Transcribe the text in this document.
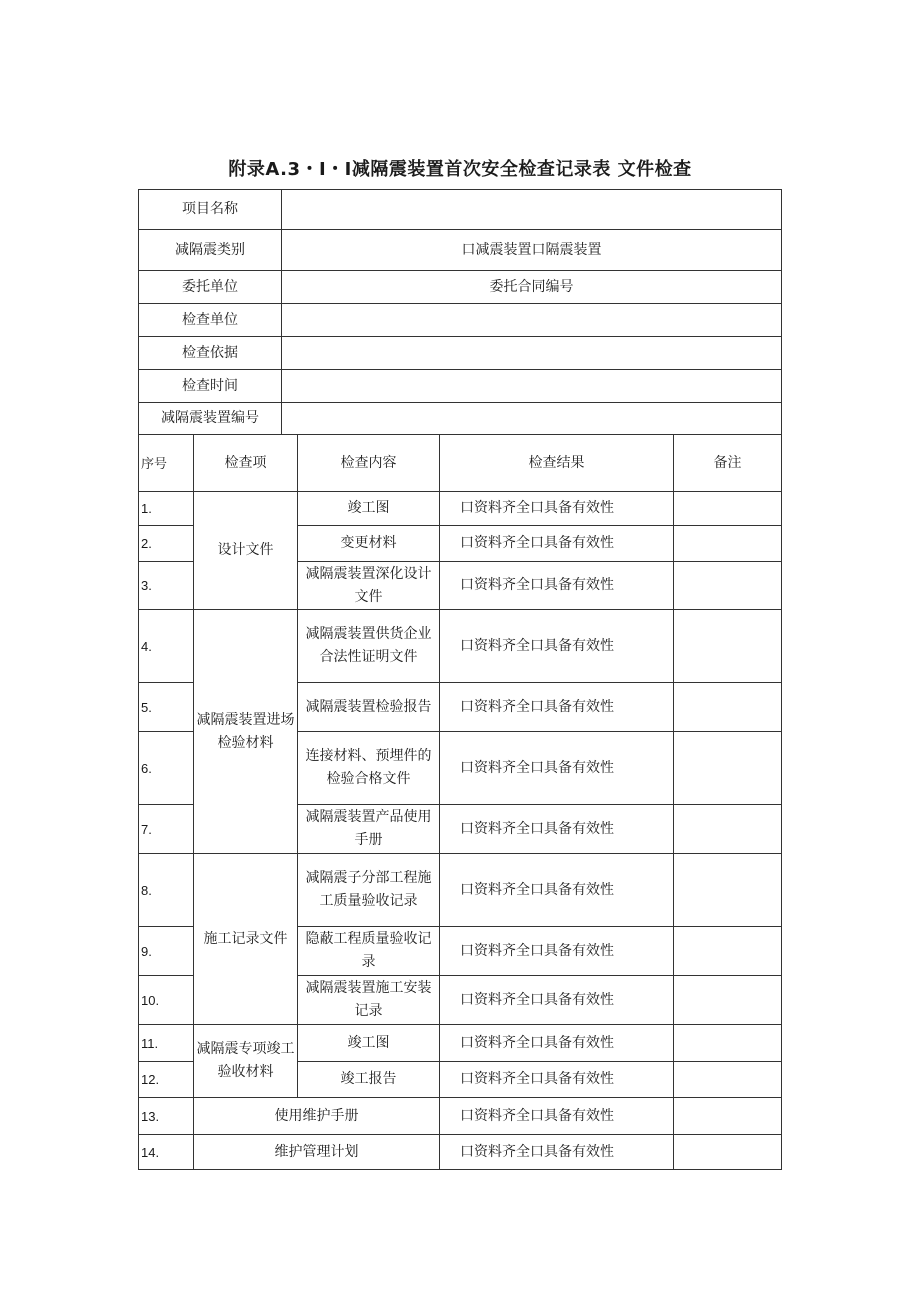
附录A.3・I・I减隔震装置首次安全检查记录表 文件检查
项目名称	
减隔震类别	口减震装置口隔震装置
委托单位	委托合同编号
检查单位	
检查依据	
检查时间	
减隔震装置编号	
序号	检查项	检查内容	检查结果	备注
1.	设计文件	竣工图	口资料齐全口具备有效性	
2.		变更材料	口资料齐全口具备有效性	
3.		减隔震装置深化设计文件	口资料齐全口具备有效性	
4.	减隔震装置进场检验材料	减隔震装置供货企业合法性证明文件	口资料齐全口具备有效性	
5.		减隔震装置检验报告	口资料齐全口具备有效性	
6.		连接材料、预埋件的检验合格文件	口资料齐全口具备有效性	
7.		减隔震装置产品使用手册	口资料齐全口具备有效性	
8.	施工记录文件	减隔震子分部工程施工质量验收记录	口资料齐全口具备有效性	
9.		隐蔽工程质量验收记录	口资料齐全口具备有效性	
10.		减隔震装置施工安装记录	口资料齐全口具备有效性	
11.	减隔震专项竣工验收材料	竣工图	口资料齐全口具备有效性	
12.		竣工报告	口资料齐全口具备有效性	
13.	使用维护手册		口资料齐全口具备有效性	
14.	维护管理计划		口资料齐全口具备有效性	
